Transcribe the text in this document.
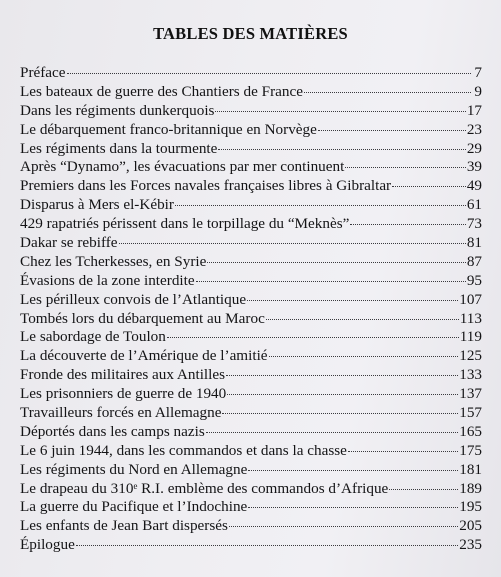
TABLES DES MATIÈRES
Préface	7
Les bateaux de guerre des Chantiers de France	9
Dans les régiments dunkerquois	17
Le débarquement franco-britannique en Norvège	23
Les régiments dans la tourmente	29
Après “Dynamo”, les évacuations par mer continuent	39
Premiers dans les Forces navales françaises libres à Gibraltar	49
Disparus à Mers el-Kébir	61
429 rapatriés périssent dans le torpillage du “Meknès”	73
Dakar se rebiffe	81
Chez les Tcherkesses, en Syrie	87
Évasions de la zone interdite	95
Les périlleux convois de l’Atlantique	107
Tombés lors du débarquement au Maroc	113
Le sabordage de Toulon	119
La découverte de l’Amérique de l’amitié	125
Fronde des militaires aux Antilles	133
Les prisonniers de guerre de 1940	137
Travailleurs forcés en Allemagne	157
Déportés dans les camps nazis	165
Le 6 juin 1944, dans les commandos et dans la chasse	175
Les régiments du Nord en Allemagne	181
Le drapeau du 310ᵉ R.I. emblème des commandos d’Afrique	189
La guerre du Pacifique et l’Indochine	195
Les enfants de Jean Bart dispersés	205
Épilogue	235
